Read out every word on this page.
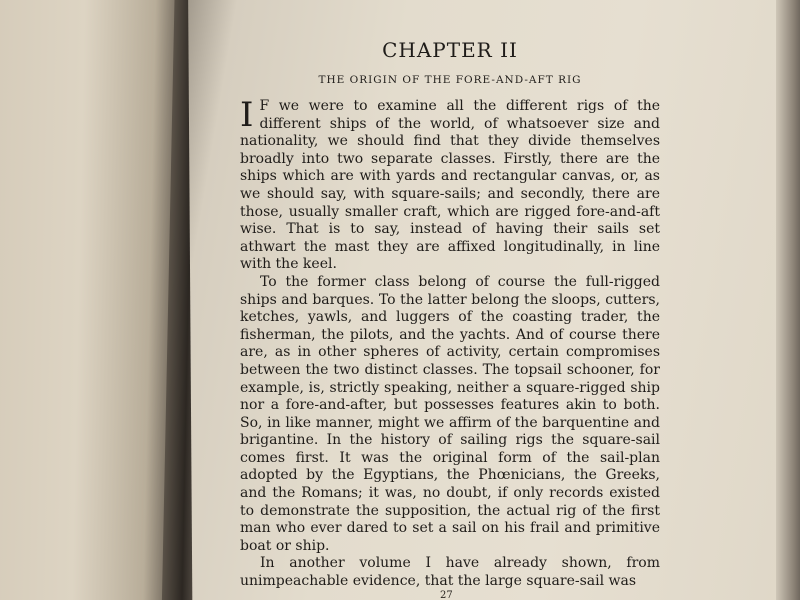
CHAPTER II
THE ORIGIN OF THE FORE-AND-AFT RIG

I F we were to examine all the different rigs of the different ships of the world, of whatsoever size and nationality, we should find that they divide themselves broadly into two separate classes. Firstly, there are the ships which are with yards and rectangular canvas, or, as we should say, with square-sails; and secondly, there are those, usually smaller craft, which are rigged fore-and-aft wise. That is to say, instead of having their sails set athwart the mast they are affixed longitudinally, in line with the keel.

To the former class belong of course the full-rigged ships and barques. To the latter belong the sloops, cutters, ketches, yawls, and luggers of the coasting trader, the fisherman, the pilots, and the yachts. And of course there are, as in other spheres of activity, certain compromises between the two distinct classes. The topsail schooner, for example, is, strictly speaking, neither a square-rigged ship nor a fore-and-after, but possesses features akin to both. So, in like manner, might we affirm of the barquentine and brigantine. In the history of sailing rigs the square-sail comes first. It was the original form of the sail-plan adopted by the Egyptians, the Phœnicians, the Greeks, and the Romans; it was, no doubt, if only records existed to demonstrate the supposition, the actual rig of the first man who ever dared to set a sail on his frail and primitive boat or ship.

In another volume I have already shown, from unimpeachable evidence, that the large square-sail was

27
